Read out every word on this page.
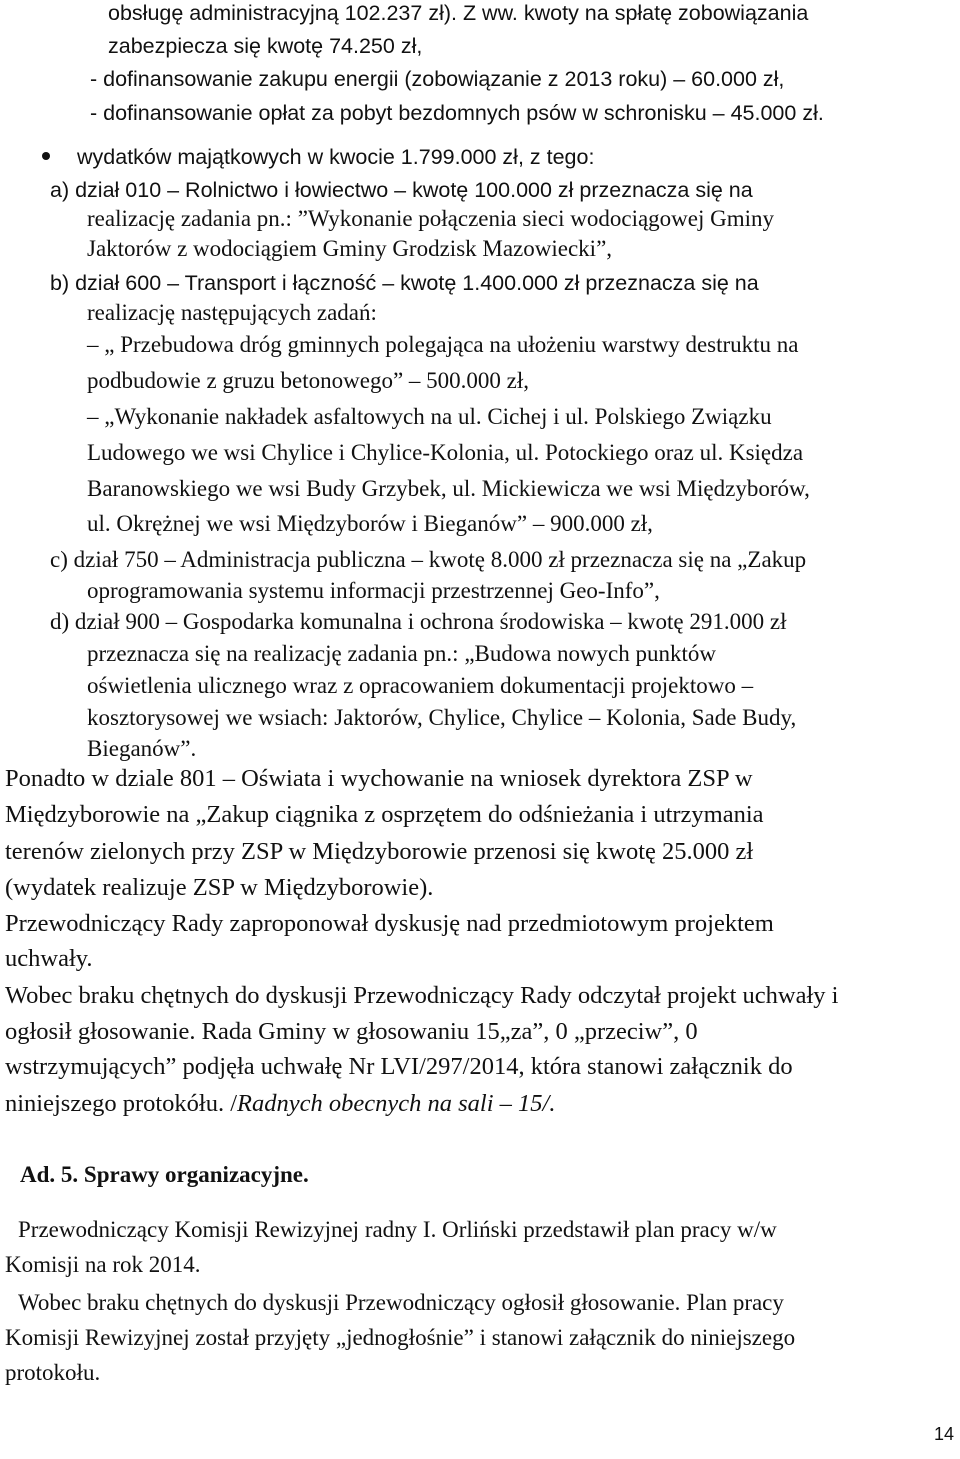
obsługę administracyjną 102.237 zł). Z ww. kwoty na spłatę zobowiązania
zabezpiecza się kwotę 74.250 zł,
- dofinansowanie zakupu energii (zobowiązanie z 2013 roku) – 60.000 zł,
- dofinansowanie opłat za pobyt bezdomnych psów w schronisku – 45.000 zł.
wydatków majątkowych w kwocie 1.799.000 zł, z tego:
a) dział 010 – Rolnictwo i łowiectwo – kwotę 100.000 zł przeznacza się na
realizację zadania pn.: ”Wykonanie połączenia sieci wodociągowej Gminy
Jaktorów z wodociągiem Gminy Grodzisk Mazowiecki”,
b) dział 600 – Transport i łączność – kwotę 1.400.000 zł przeznacza się na
realizację następujących zadań:
– „ Przebudowa dróg gminnych polegająca na ułożeniu warstwy destruktu na
podbudowie z gruzu betonowego” – 500.000 zł,
– „Wykonanie nakładek asfaltowych na ul. Cichej i ul. Polskiego Związku
Ludowego we wsi Chylice i Chylice-Kolonia, ul. Potockiego oraz ul. Księdza
Baranowskiego we wsi Budy Grzybek, ul. Mickiewicza we wsi Międzyborów,
ul. Okrężnej we wsi Międzyborów i Bieganów” – 900.000 zł,
c) dział 750 – Administracja publiczna – kwotę 8.000 zł przeznacza się na „Zakup
oprogramowania systemu informacji przestrzennej Geo-Info”,
d) dział 900 – Gospodarka komunalna i ochrona środowiska – kwotę 291.000 zł
przeznacza się na realizację zadania pn.: „Budowa nowych punktów
oświetlenia ulicznego wraz z opracowaniem dokumentacji projektowo –
kosztorysowej we wsiach: Jaktorów, Chylice, Chylice – Kolonia, Sade Budy,
Bieganów”.
Ponadto w dziale 801 – Oświata i wychowanie na wniosek dyrektora ZSP w
Międzyborowie na „Zakup ciągnika z osprzętem do odśnieżania i utrzymania
terenów zielonych przy ZSP w Międzyborowie przenosi się kwotę 25.000 zł
(wydatek realizuje ZSP w Międzyborowie).
Przewodniczący Rady zaproponował dyskusję nad przedmiotowym projektem
uchwały.
Wobec braku chętnych do dyskusji Przewodniczący Rady odczytał projekt uchwały i
ogłosił głosowanie. Rada Gminy w głosowaniu 15„za”, 0 „przeciw”, 0
wstrzymujących” podjęła uchwałę Nr LVI/297/2014, która stanowi załącznik do
niniejszego protokółu. /Radnych obecnych na sali – 15/.
Ad. 5. Sprawy organizacyjne.
Przewodniczący Komisji Rewizyjnej radny I. Orliński przedstawił plan pracy w/w
Komisji na rok 2014.
Wobec braku chętnych do dyskusji Przewodniczący ogłosił głosowanie. Plan pracy
Komisji Rewizyjnej został przyjęty „jednogłośnie” i stanowi załącznik do niniejszego
protokołu.
14
